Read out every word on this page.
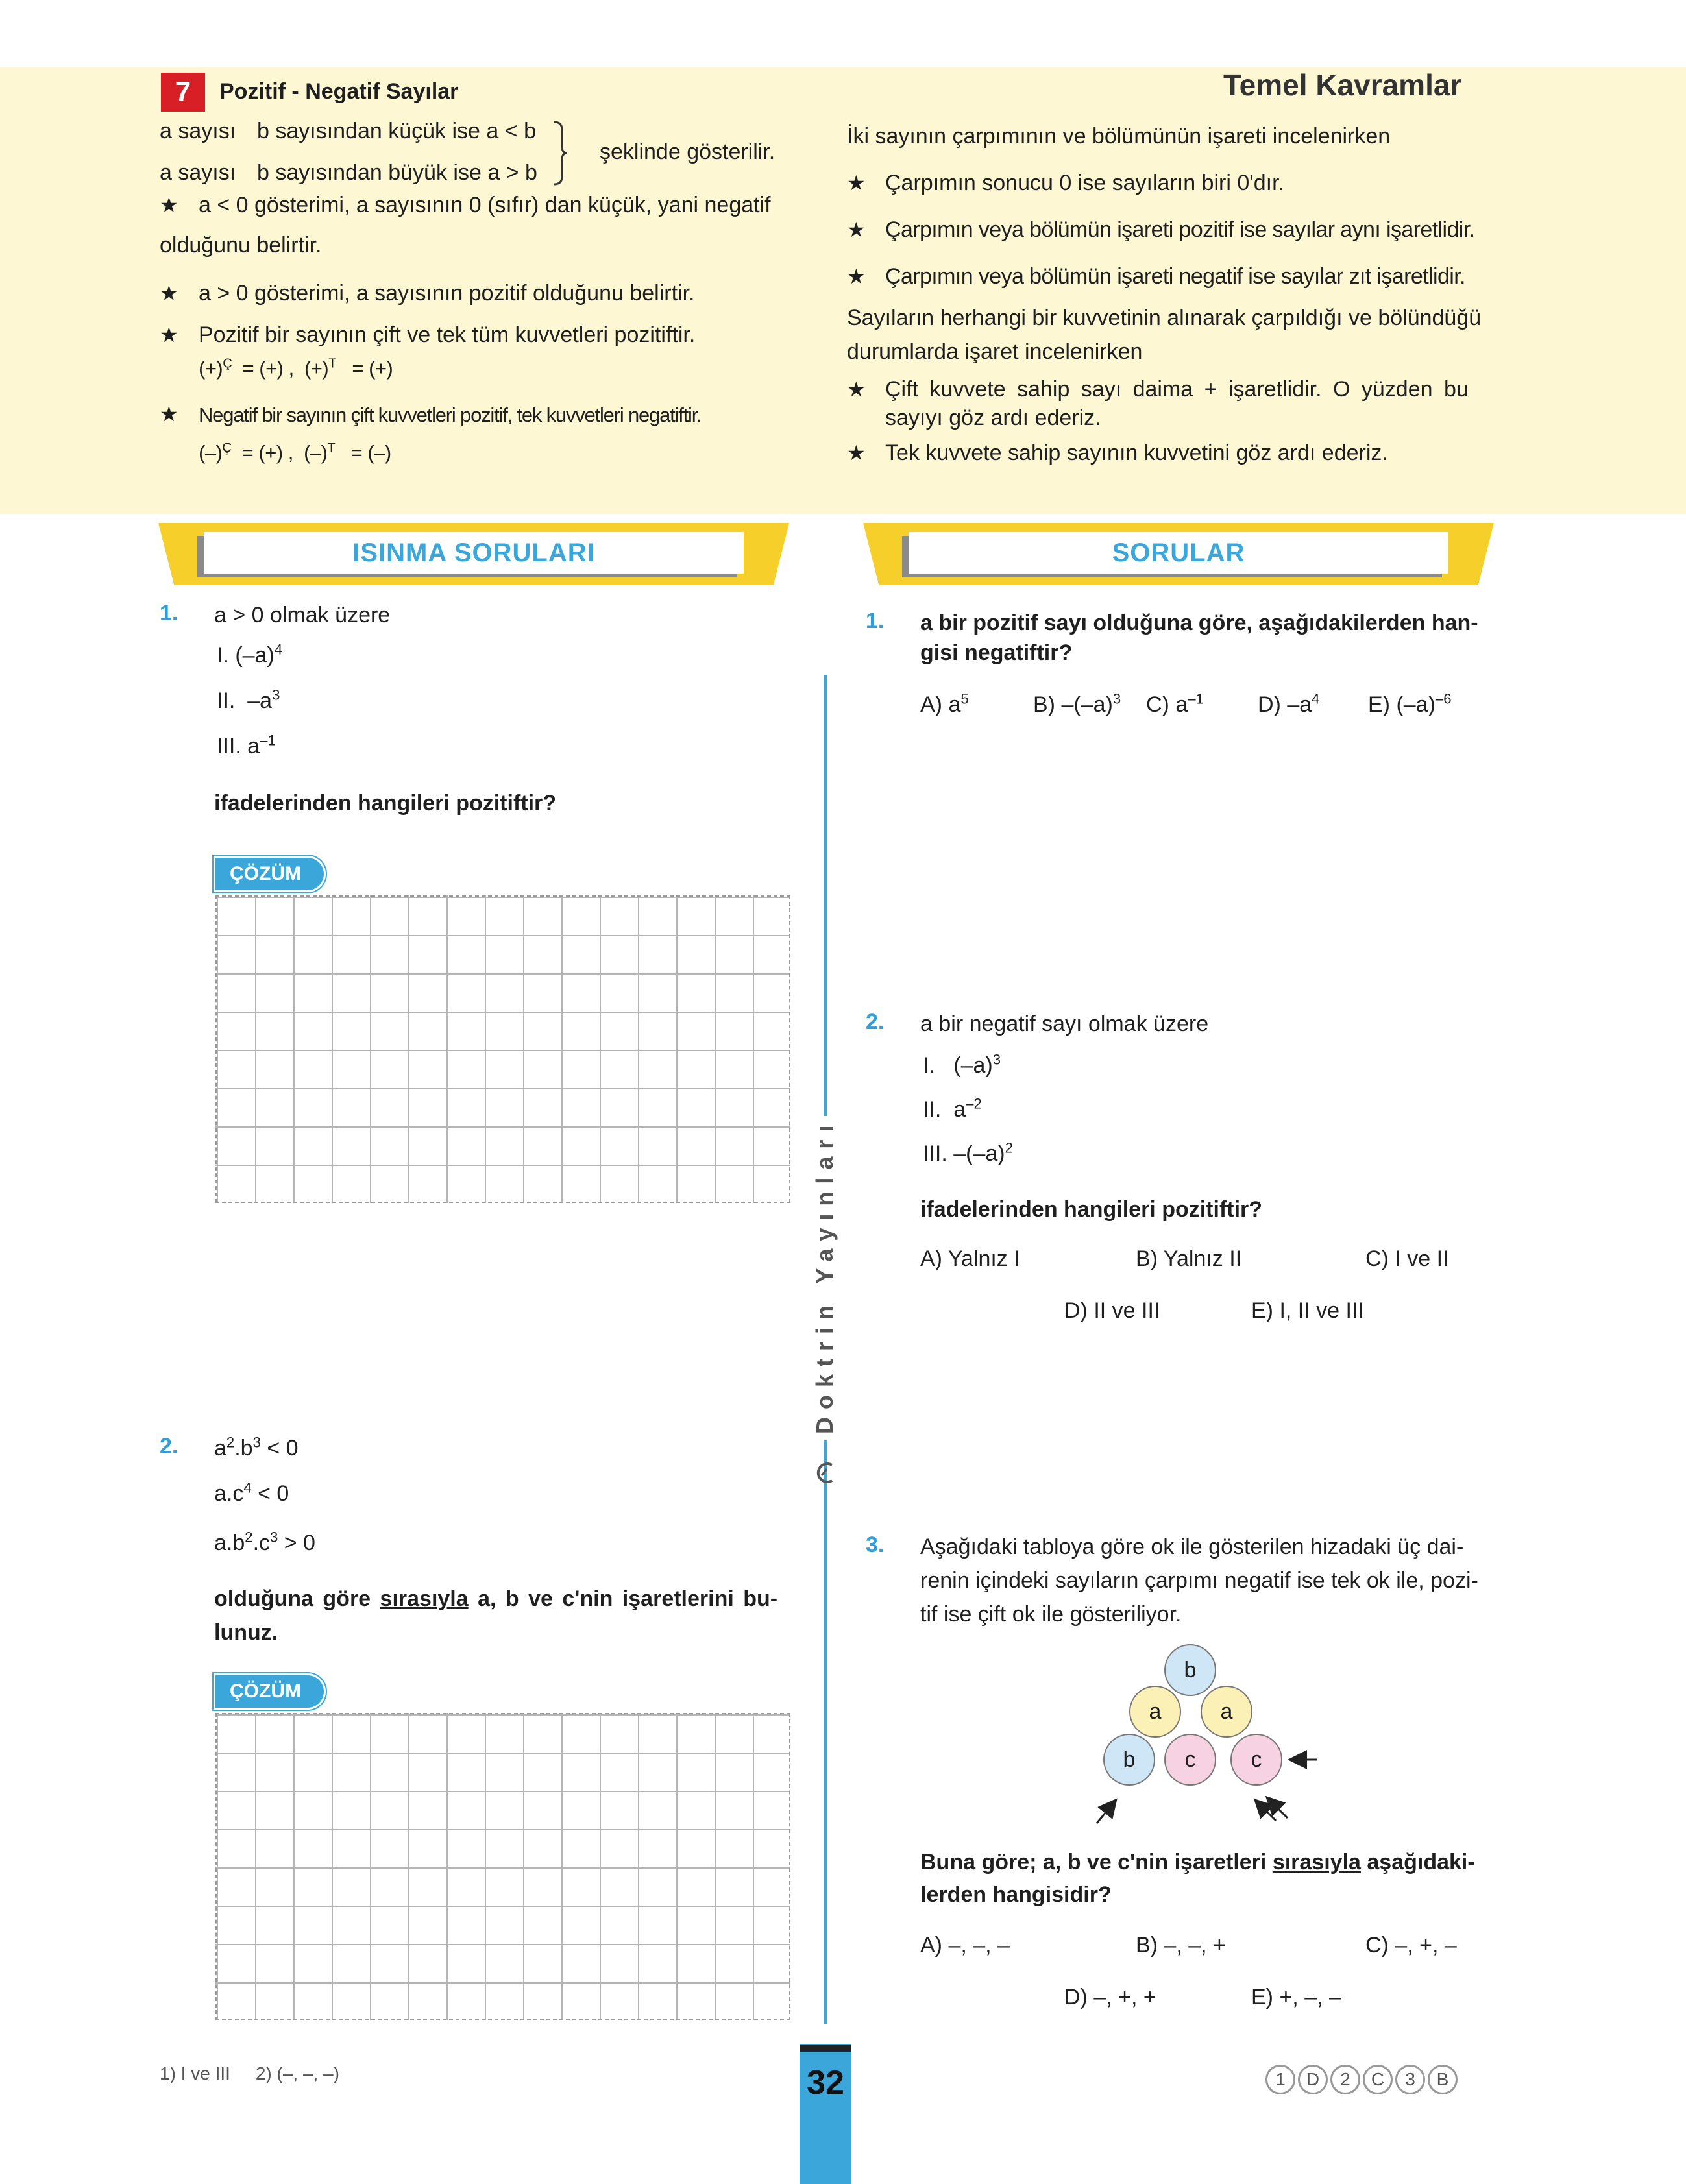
7	Pozitif - Negatif Sayılar	Temel Kavramlar
a sayısı b sayısından küçük ise a < b
a sayısı b sayısından büyük ise a > b
şeklinde gösterilir.
★ a < 0 gösterimi, a sayısının 0 (sıfır) dan küçük, yani negatif
olduğunu belirtir.
★ a > 0 gösterimi, a sayısının pozitif olduğunu belirtir.
★ Pozitif bir sayının çift ve tek tüm kuvvetleri pozitiftir.
$(+)^Ç$ = (+) , $(+)^T$ = (+)
★ Negatif bir sayının çift kuvvetleri pozitif, tek kuvvetleri negatiftir.
$(-)^Ç$ = (+) , $(-)^T$ = (–)
İki sayının çarpımının ve bölümünün işareti incelenirken
★ Çarpımın sonucu 0 ise sayıların biri 0'dır.
★ Çarpımın veya bölümün işareti pozitif ise sayılar aynı işaretlidir.
★ Çarpımın veya bölümün işareti negatif ise sayılar zıt işaretlidir.
Sayıların herhangi bir kuvvetinin alınarak çarpıldığı ve bölündüğü
durumlarda işaret incelenirken
★ Çift kuvvete sahip sayı daima + işaretlidir. O yüzden bu
sayıyı göz ardı ederiz.
★ Tek kuvvete sahip sayının kuvvetini göz ardı ederiz.
ISINMA SORULARI	SORULAR
1. a > 0 olmak üzere
I. $(-a)^4$
II. $-a^3$
III. $a^{-1}$
ifadelerinden hangileri pozitiftir?
ÇÖZÜM
2. $a^2.b^3 < 0$
$a.c^4 < 0$
$a.b^2.c^3 > 0$
olduğuna göre sırasıyla a, b ve c'nin işaretlerini bu-
lunuz.
ÇÖZÜM
Doktrin Yayınları
1. a bir pozitif sayı olduğuna göre, aşağıdakilerden han-
gisi negatiftir?
A) $a^5$	B) $-(-a)^3$ C) $a^{-1}$ D) $-a^4$ E) $(-a)^{-6}$
2. a bir negatif sayı olmak üzere
I. $(-a)^3$
II. $a^{-2}$
III. $-(-a)^2$
ifadelerinden hangileri pozitiftir?
A) Yalnız I	B) Yalnız II	C) I ve II
D) II ve III	E) I, II ve III
3. Aşağıdaki tabloya göre ok ile gösterilen hizadaki üç dai-
renin içindeki sayıların çarpımı negatif ise tek ok ile, pozi-
tif ise çift ok ile gösteriliyor.
b
a	a
b	c	c
Buna göre; a, b ve c'nin işaretleri sırasıyla aşağıdaki-
lerden hangisidir?
A) –, –, –	B) –, –, +	C) –, +, –
D) –, +, +	E) +, –, –
1) I ve III     2) (–, –, –)	32	1 D 2 C 3 B
